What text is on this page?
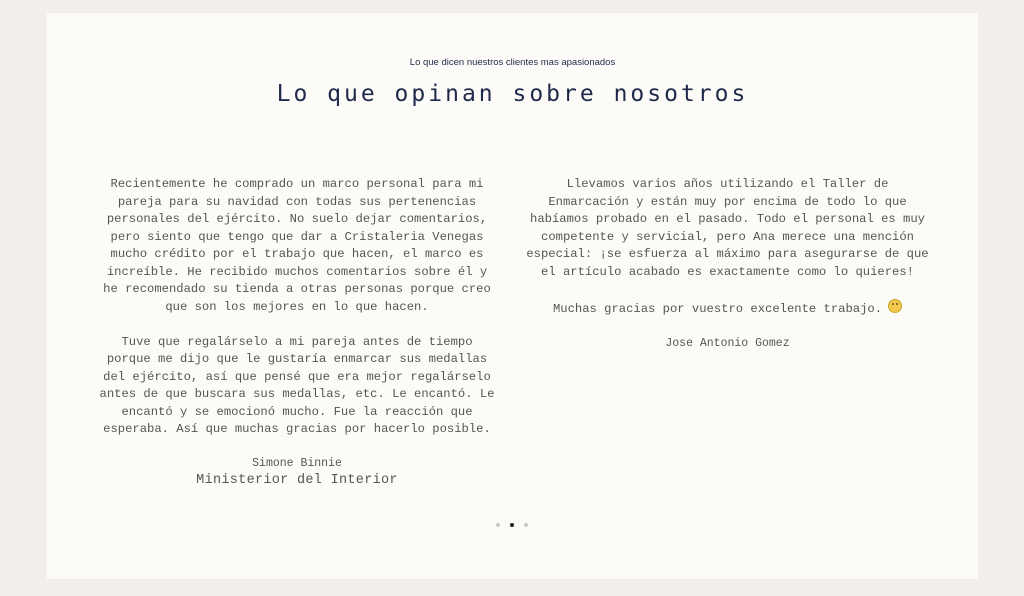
Lo que dicen nuestros clientes mas apasionados
Lo que opinan sobre nosotros

Recientemente he comprado un marco personal para mi pareja para su navidad con todas sus pertenencias personales del ejército. No suelo dejar comentarios, pero siento que tengo que dar a Cristaleria Venegas mucho crédito por el trabajo que hacen, el marco es increíble. He recibido muchos comentarios sobre él y he recomendado su tienda a otras personas porque creo que son los mejores en lo que hacen.

Tuve que regalárselo a mi pareja antes de tiempo porque me dijo que le gustaría enmarcar sus medallas del ejército, así que pensé que era mejor regalárselo antes de que buscara sus medallas, etc. Le encantó. Le encantó y se emocionó mucho. Fue la reacción que esperaba. Así que muchas gracias por hacerlo posible.

Simone Binnie
Ministerior del Interior

Llevamos varios años utilizando el Taller de Enmarcación y están muy por encima de todo lo que habíamos probado en el pasado. Todo el personal es muy competente y servicial, pero Ana merece una mención especial: ¡se esfuerza al máximo para asegurarse de que el artículo acabado es exactamente como lo quieres!

Muchas gracias por vuestro excelente trabajo.

Jose Antonio Gomez
